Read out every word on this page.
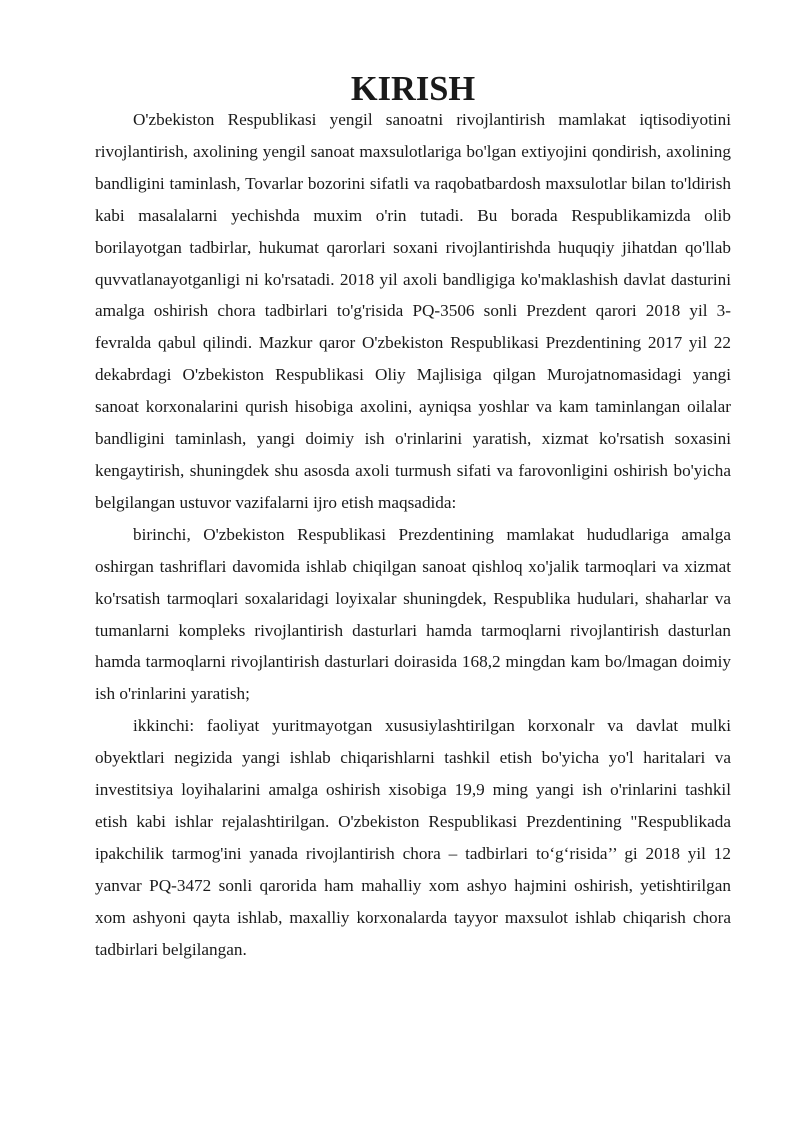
KIRISH

O'zbekiston Respublikasi yengil sanoatni rivojlantirish mamlakat iqtisodiyotini rivojlantirish, axolining yengil sanoat maxsulotlariga bo'lgan extiyojini qondirish, axolining bandligini taminlash, Tovarlar bozorini sifatli va raqobatbardosh maxsulotlar bilan to'ldirish kabi masalalarni yechishda muxim o'rin tutadi. Bu borada Respublikamizda olib borilayotgan tadbirlar, hukumat qarorlari soxani rivojlantirishda huquqiy jihatdan qo'llab quvvatlanayotganligi ni ko'rsatadi. 2018 yil axoli bandligiga ko'maklashish davlat dasturini amalga oshirish chora tadbirlari to'g'risida PQ-3506 sonli Prezdent qarori 2018 yil 3-fevralda qabul qilindi. Mazkur qaror O'zbekiston Respublikasi Prezdentining 2017 yil 22 dekabrdagi O'zbekiston Respublikasi Oliy Majlisiga qilgan Murojatnomasidagi yangi sanoat korxonalarini qurish hisobiga axolini, ayniqsa yoshlar va kam taminlangan oilalar bandligini taminlash, yangi doimiy ish o'rinlarini yaratish, xizmat ko'rsatish soxasini kengaytirish, shuningdek shu asosda axoli turmush sifati va farovonligini oshirish bo'yicha belgilangan ustuvor vazifalarni ijro etish maqsadida:

birinchi, O'zbekiston Respublikasi Prezdentining mamlakat hududlariga amalga oshirgan tashriflari davomida ishlab chiqilgan sanoat qishloq xo'jalik tarmoqlari va xizmat ko'rsatish tarmoqlari soxalaridagi loyixalar shuningdek, Respublika hudulari, shaharlar va tumanlarni kompleks rivojlantirish dasturlari hamda tarmoqlarni rivojlantirish dasturlan hamda tarmoqlarni rivojlantirish dasturlari doirasida 168,2 mingdan kam bo/lmagan doimiy ish o'rinlarini yaratish;

ikkinchi: faoliyat yuritmayotgan xususiylashtirilgan korxonalr va davlat mulki obyektlari negizida yangi ishlab chiqarishlarni tashkil etish bo'yicha yo'l haritalari va investitsiya loyihalarini amalga oshirish xisobiga 19,9 ming yangi ish o'rinlarini tashkil etish kabi ishlar rejalashtirilgan. O'zbekiston Respublikasi Prezdentining "Respublikada ipakchilik tarmog'ini yanada rivojlantirish chora – tadbirlari to‘g‘risida’’ gi 2018 yil 12 yanvar PQ-3472 sonli qarorida ham mahalliy xom ashyo hajmini oshirish, yetishtirilgan xom ashyoni qayta ishlab, maxalliy korxonalarda tayyor maxsulot ishlab chiqarish chora tadbirlari belgilangan.
